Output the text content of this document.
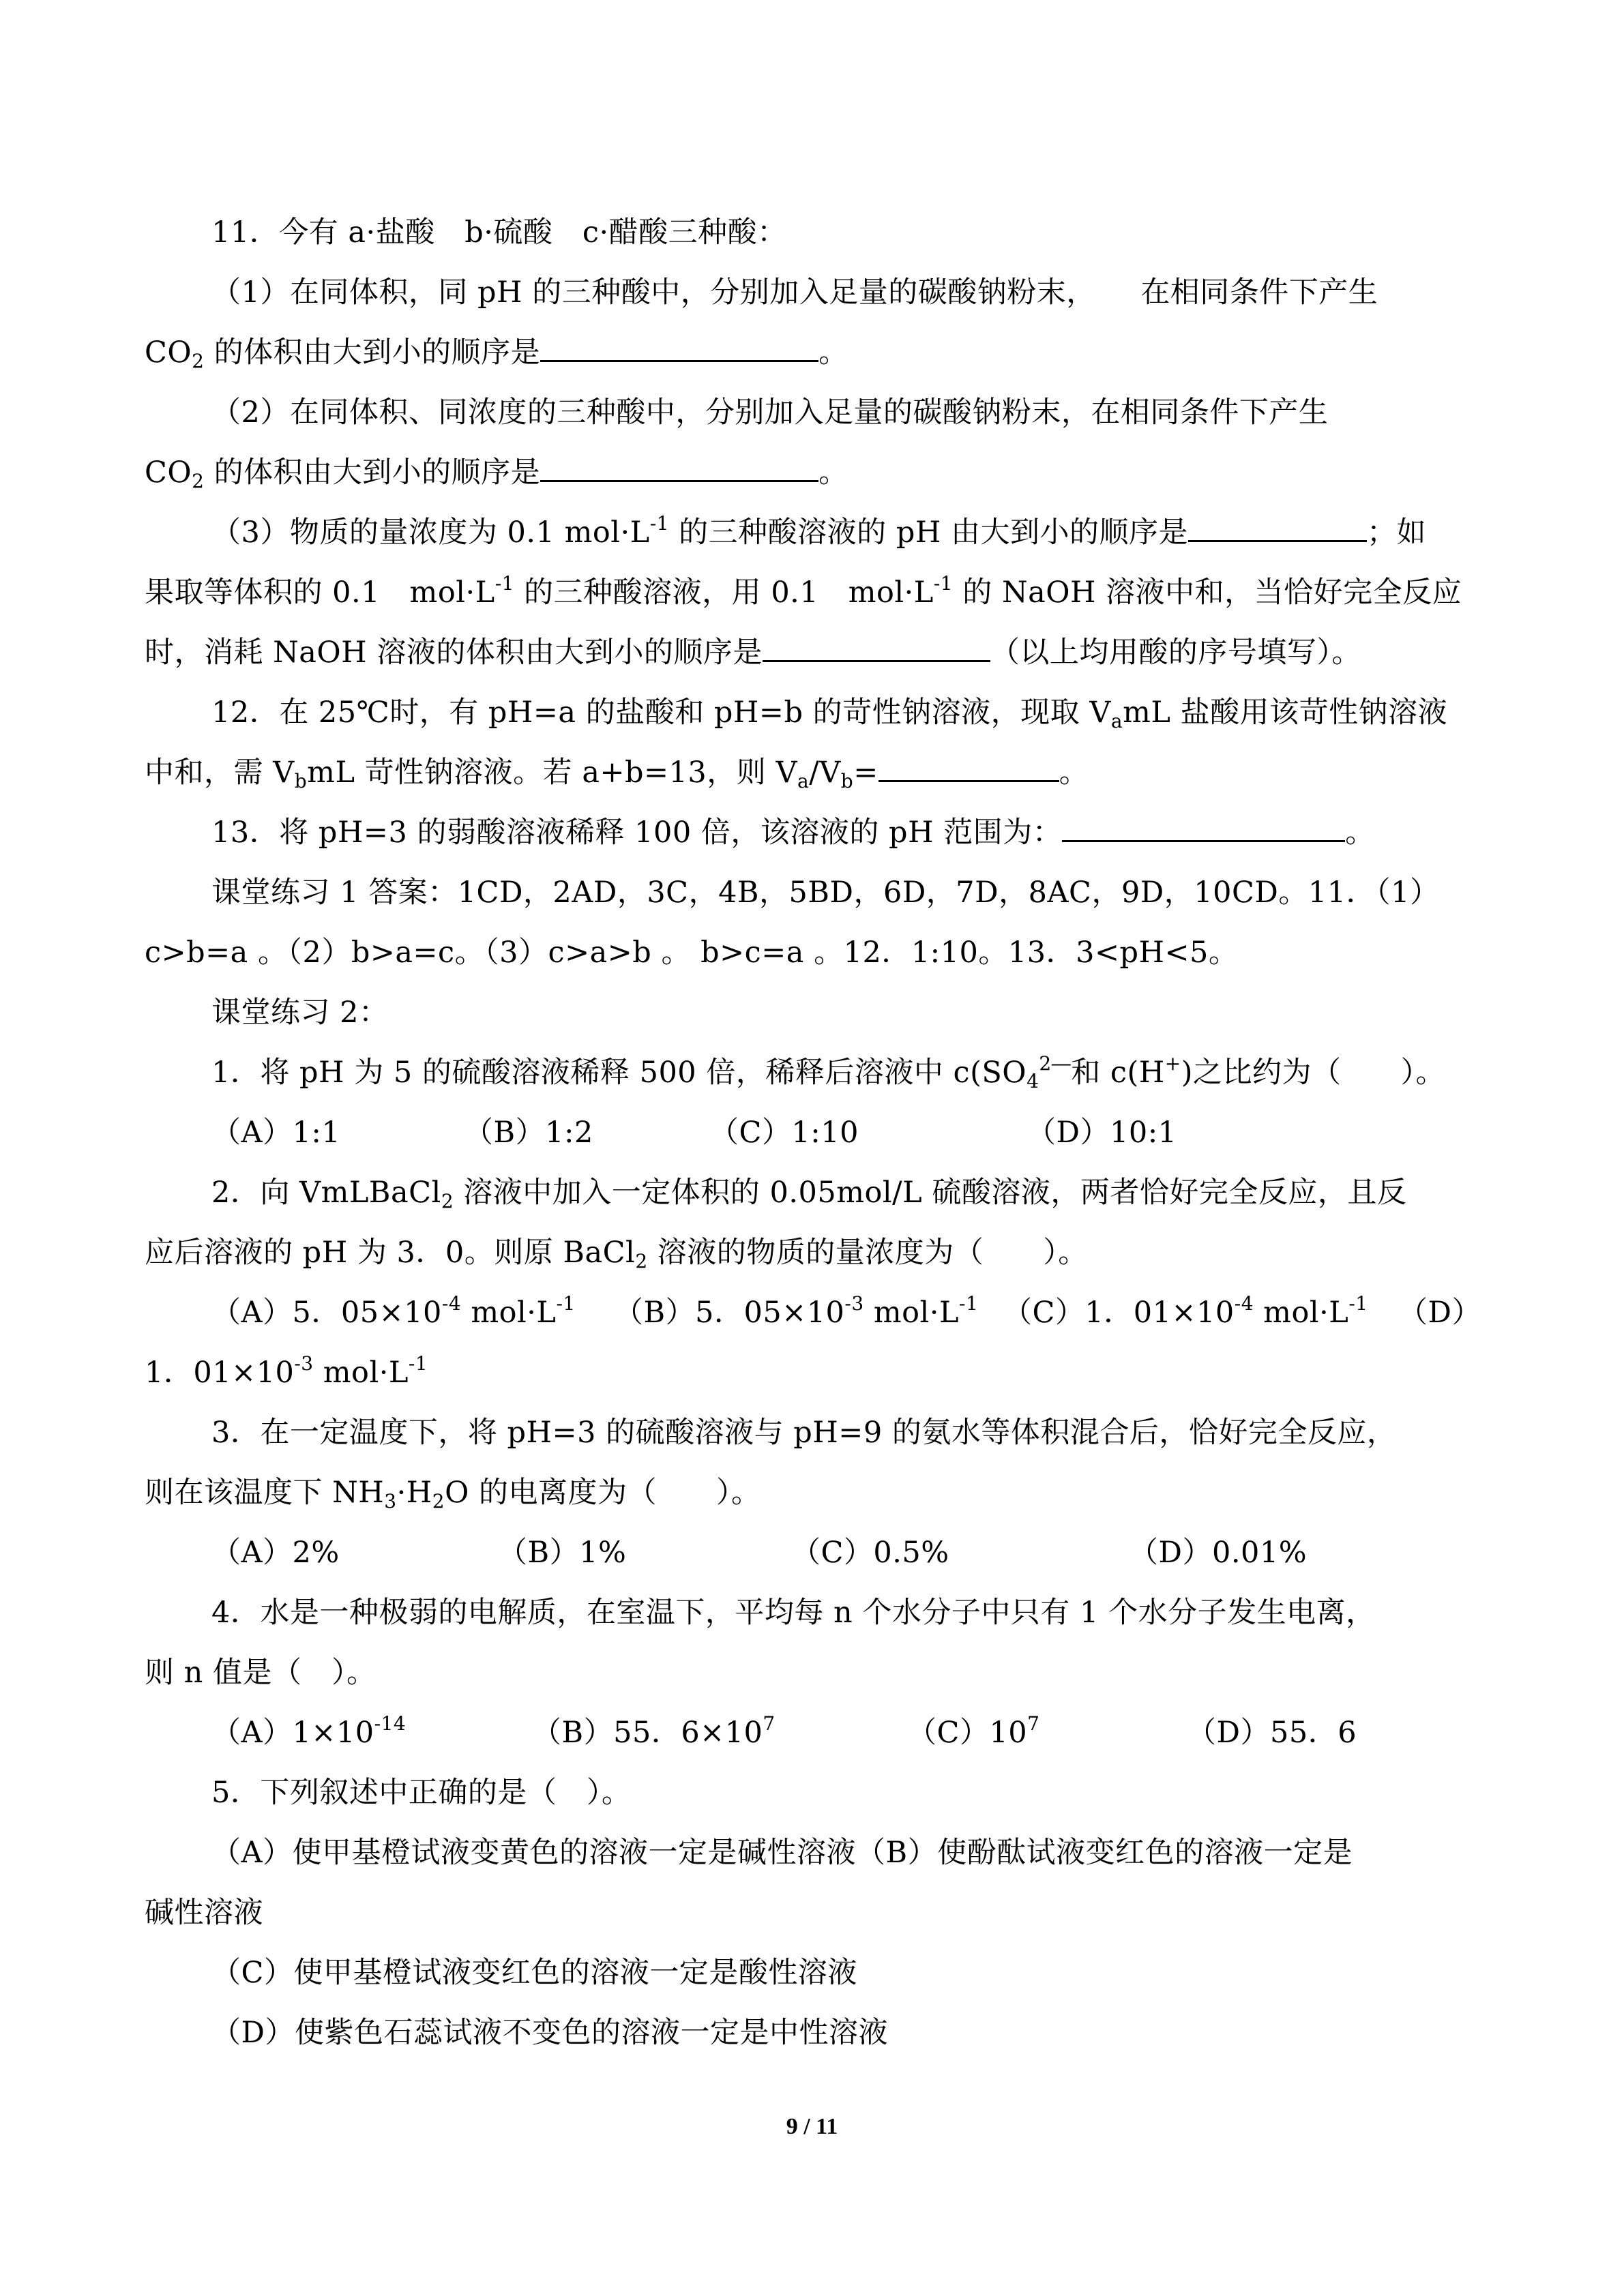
11．今有 a·盐酸　b·硫酸　c·醋酸三种酸：
（1）在同体积，同 pH 的三种酸中，分别加入足量的碳酸钠粉末，　　在相同条件下产生
$CO_2$ 的体积由大到小的顺序是	。
（2）在同体积、同浓度的三种酸中，分别加入足量的碳酸钠粉末，在相同条件下产生
$CO_2$ 的体积由大到小的顺序是	。
（3）物质的量浓度为 0.1 $mol\cdot L^{-1}$ 的三种酸溶液的 pH 由大到小的顺序是	；如
果取等体积的 0.1　$mol\cdot L^{-1}$ 的三种酸溶液，用 0.1　$mol\cdot L^{-1}$ 的 NaOH 溶液中和，当恰好完全反应
时，消耗 NaOH 溶液的体积由大到小的顺序是	（以上均用酸的序号填写）。
12．在 25℃时，有 pH=a 的盐酸和 pH=b 的苛性钠溶液，现取 $V_amL$ 盐酸用该苛性钠溶液
中和，需 $V_bmL$ 苛性钠溶液。若 a+b=13，则 $V_a/V_b=$	。
13．将 pH=3 的弱酸溶液稀释 100 倍，该溶液的 pH 范围为：	。
课堂练习 1 答案：1CD，2AD，3C，4B，5BD，6D，7D，8AC，9D，10CD。11．（1）
c>b=a 。（2）b>a=c。（3）c>a>b 。 b>c=a 。12．1:10。13．3<pH<5。
课堂练习 2：
1．将 pH 为 5 的硫酸溶液稀释 500 倍，稀释后溶液中 $c(SO_4^{2―}$和 c(H+)之比约为（　　）。
（A）1:1	（B）1:2	（C）1:10	（D）10:1
2．向 VmLBaCl$_2$ 溶液中加入一定体积的 0.05mol/L 硫酸溶液，两者恰好完全反应，且反
应后溶液的 pH 为 3．0。则原 BaCl$_2$ 溶液的物质的量浓度为（　　）。
（A）5．$05\times 10^{-4}$ $mol\cdot L^{-1}$ （B）5．$05\times 10^{-3}$ $mol\cdot L^{-1}$ （C）1．$01\times 10^{-4}$ $mol\cdot L^{-1}$ （D）
1．$01\times 10^{-3}$ $mol\cdot L^{-1}$
3．在一定温度下，将 pH=3 的硫酸溶液与 pH=9 的氨水等体积混合后，恰好完全反应，
则在该温度下 $NH_3\cdot H_2O$ 的电离度为（　　）。
（A）2%	（B）1%	（C）0.5%	（D）0.01%
4．水是一种极弱的电解质，在室温下，平均每 n 个水分子中只有 1 个水分子发生电离，
则 n 值是（　）。
$(A)1\times 10^{-14}$	（B）55．$6\times 10^7$	$(C)10^7$	（D）55．6
5．下列叙述中正确的是（　）。
（A）使甲基橙试液变黄色的溶液一定是碱性溶液（B）使酚酞试液变红色的溶液一定是
碱性溶液
（C）使甲基橙试液变红色的溶液一定是酸性溶液
（D）使紫色石蕊试液不变色的溶液一定是中性溶液
9 / 11
